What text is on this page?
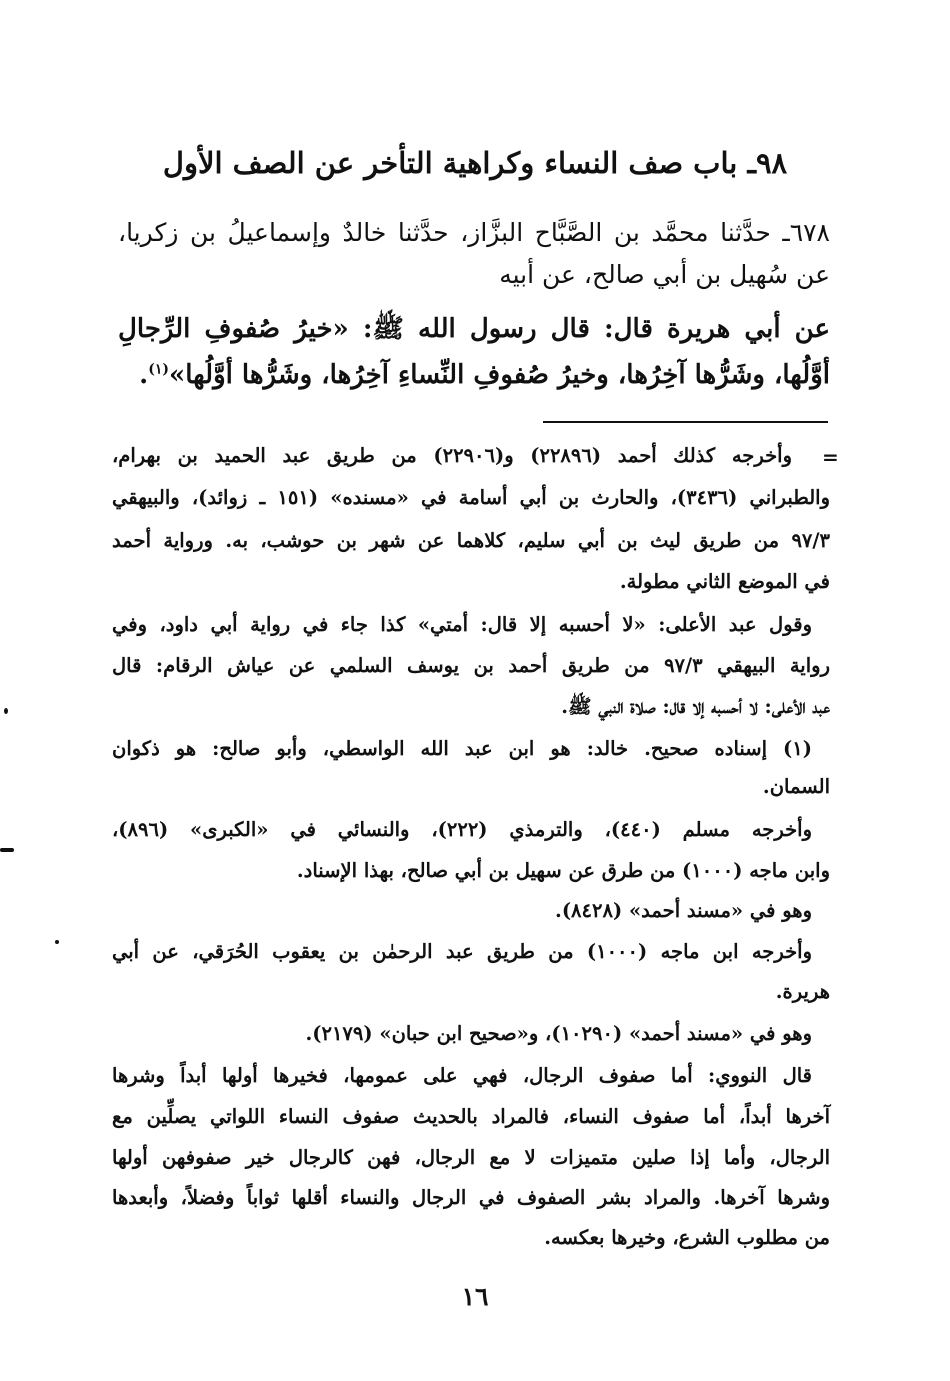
٩٨ـ باب صف النساء وكراهية التأخر عن الصف الأول
٦٧٨ـ حدَّثنا محمَّد بن الصَّبَّاح البزَّاز، حدَّثنا خالدٌ وإسماعيلُ بن زكريا،
عن سُهيل بن أبي صالح، عن أبيه
عن أبي هريرة قال: قال رسول الله ﷺ: «خيرُ صُفوفِ الرِّجالِ
أوَّلُها، وشَرُّها آخِرُها، وخيرُ صُفوفِ النِّساءِ آخِرُها، وشَرُّها أوَّلُها»$^{(١)}$.
=
وأخرجه كذلك أحمد (٢٢٨٩٦) و(٢٢٩٠٦) من طريق عبد الحميد بن بهرام،
والطبراني (٣٤٣٦)، والحارث بن أبي أسامة في «مسنده» (١٥١ ـ زوائد)، والبيهقي
٩٧/٣ من طريق ليث بن أبي سليم، كلاهما عن شهر بن حوشب، به. ورواية أحمد
في الموضع الثاني مطولة.
وقول عبد الأعلى: «لا أحسبه إلا قال: أمتي» كذا جاء في رواية أبي داود، وفي
رواية البيهقي ٩٧/٣ من طريق أحمد بن يوسف السلمي عن عياش الرقام: قال
عبد الأعلى: لا أحسبه إلا قال: صلاة النبي ﷺ.
(١) إسناده صحيح. خالد: هو ابن عبد الله الواسطي، وأبو صالح: هو ذكوان
السمان.
وأخرجه مسلم (٤٤٠)، والترمذي (٢٢٢)، والنسائي في «الكبرى» (٨٩٦)،
وابن ماجه (١٠٠٠) من طرق عن سهيل بن أبي صالح، بهذا الإسناد.
وهو في «مسند أحمد» (٨٤٢٨).
وأخرجه ابن ماجه (١٠٠٠) من طريق عبد الرحمٰن بن يعقوب الحُرَقي، عن أبي
هريرة.
وهو في «مسند أحمد» (١٠٢٩٠)، و«صحيح ابن حبان» (٢١٧٩).
قال النووي: أما صفوف الرجال، فهي على عمومها، فخيرها أولها أبداً وشرها
آخرها أبداً، أما صفوف النساء، فالمراد بالحديث صفوف النساء اللواتي يصلِّين مع
الرجال، وأما إذا صلين متميزات لا مع الرجال، فهن كالرجال خير صفوفهن أولها
وشرها آخرها. والمراد بشر الصفوف في الرجال والنساء أقلها ثواباً وفضلاً، وأبعدها
من مطلوب الشرع، وخيرها بعكسه.
١٦
